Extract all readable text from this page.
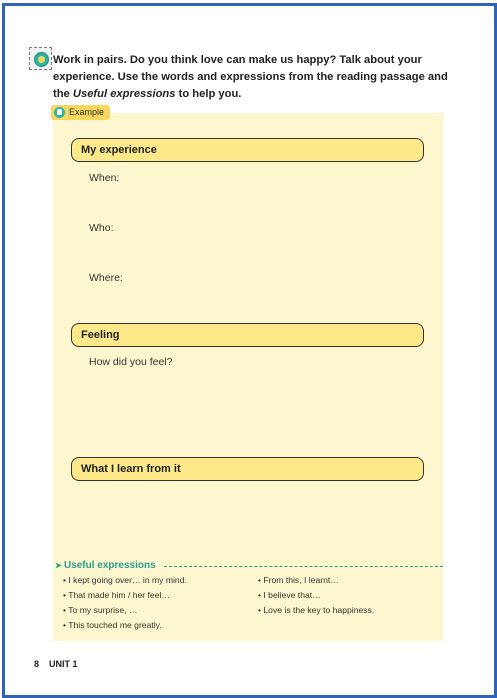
Work in pairs. Do you think love can make us happy? Talk about your
experience. Use the words and expressions from the reading passage and
the Useful expressions to help you.
Example
My experience
When:
Who:
Where:
Feeling
How did you feel?
What I learn from it
➤ Useful expressions
• I kept going over… in my mind.
• That made him / her feel…
• To my surprise, …
• This touched me greatly.
• From this, I learnt…
• I believe that…
• Love is the key to happiness.
8 UNIT 1
